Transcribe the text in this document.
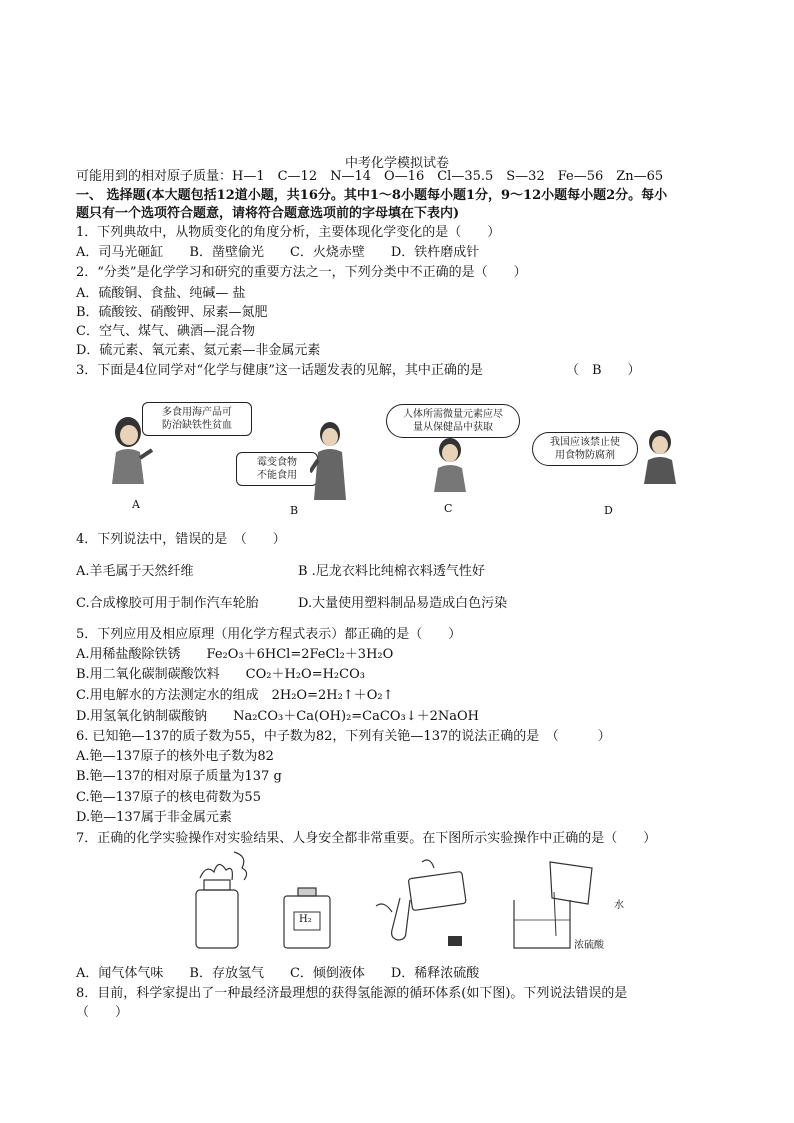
中考化学模拟试卷
可能用到的相对原子质量：H—1　C—12　N—14　O—16　Cl—35.5　S—32　Fe—56　Zn—65
一、 选择题(本大题包括12道小题，共16分。其中1～8小题每小题1分，9～12小题每小题2分。每小
题只有一个选项符合题意，请将符合题意选项前的字母填在下表内)
1．下列典故中，从物质变化的角度分析，主要体现化学变化的是（　　）
A．司马光砸缸　　B．凿壁偷光　　C．火烧赤壁　　D．铁杵磨成针
2．“分类”是化学学习和研究的重要方法之一，下列分类中不正确的是（　　）
A．硫酸铜、食盐、纯碱— 盐
B．硫酸铵、硝酸钾、尿素—氮肥
C．空气、煤气、碘酒—混合物
D．硫元素、氧元素、氦元素—非金属元素
3．下面是4位同学对“化学与健康”这一话题发表的见解，其中正确的是	（　B　　）
多食用海产品可
防治缺铁性贫血
A
霉变食物
不能食用
B
人体所需微量元素应尽
量从保健品中获取
C
我国应该禁止使
用食物防腐剂
D
4．下列说法中，错误的是　（　　）
A.羊毛属于天然纤维	B .尼龙衣料比纯棉衣料透气性好
C.合成橡胶可用于制作汽车轮胎	D.大量使用塑料制品易造成白色污染
5．下列应用及相应原理（用化学方程式表示）都正确的是（　　）
A.用稀盐酸除铁锈　　Fe₂O₃＋6HCl=2FeCl₂＋3H₂O
B.用二氧化碳制碳酸饮料　　CO₂＋H₂O=H₂CO₃
C.用电解水的方法测定水的组成　2H₂O=2H₂↑＋O₂↑
D.用氢氧化钠制碳酸钠　　Na₂CO₃＋Ca(OH)₂=CaCO₃↓＋2NaOH
6. 已知铯—137的质子数为55，中子数为82，下列有关铯—137的说法正确的是　（　　　）
A.铯—137原子的核外电子数为82
B.铯—137的相对原子质量为137 g
C.铯—137原子的核电荷数为55
D.铯—137属于非金属元素
7．正确的化学实验操作对实验结果、人身安全都非常重要。在下图所示实验操作中正确的是（　　）
H₂
水
浓硫酸
A．闻气体气味　　B．存放氢气　　C．倾倒液体　　D．稀释浓硫酸
8．目前，科学家提出了一种最经济最理想的获得氢能源的循环体系(如下图)。下列说法错误的是
（　　）
